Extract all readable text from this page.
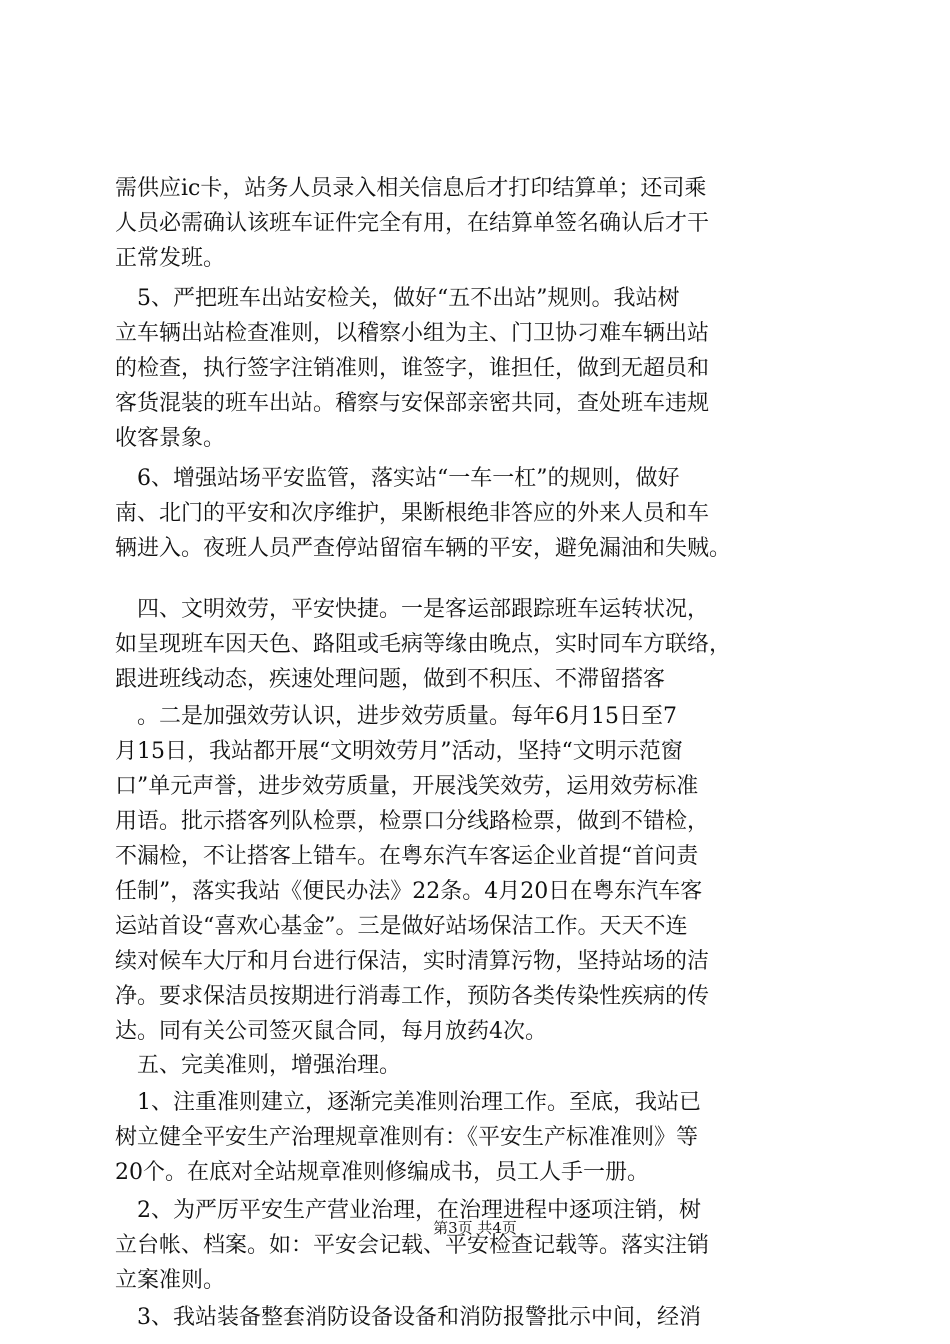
需供应ic卡，站务人员录入相关信息后才打印结算单；还司乘
人员必需确认该班车证件完全有用，在结算单签名确认后才干
正常发班。
　5、严把班车出站安检关，做好“五不出站”规则。我站树
立车辆出站检查准则，以稽察小组为主、门卫协刁难车辆出站
的检查，执行签字注销准则，谁签字，谁担任，做到无超员和
客货混装的班车出站。稽察与安保部亲密共同，查处班车违规
收客景象。
　6、增强站场平安监管，落实站“一车一杠”的规则，做好
南、北门的平安和次序维护，果断根绝非答应的外来人员和车
辆进入。夜班人员严查停站留宿车辆的平安，避免漏油和失贼。
　四、文明效劳，平安快捷。一是客运部跟踪班车运转状况，
如呈现班车因天色、路阻或毛病等缘由晚点，实时同车方联络，
跟进班线动态，疾速处理问题，做到不积压、不滞留搭客
　。二是加强效劳认识，进步效劳质量。每年6月15日至7
月15日，我站都开展“文明效劳月”活动，坚持“文明示范窗
口”单元声誉，进步效劳质量，开展浅笑效劳，运用效劳标准
用语。批示搭客列队检票，检票口分线路检票，做到不错检，
不漏检，不让搭客上错车。在粤东汽车客运企业首提“首问责
任制”，落实我站《便民办法》22条。4月20日在粤东汽车客
运站首设“喜欢心基金”。三是做好站场保洁工作。天天不连
续对候车大厅和月台进行保洁，实时清算污物，坚持站场的洁
净。要求保洁员按期进行消毒工作，预防各类传染性疾病的传
达。同有关公司签灭鼠合同，每月放药4次。
　五、完美准则，增强治理。
　1、注重准则建立，逐渐完美准则治理工作。至底，我站已
树立健全平安生产治理规章准则有：《平安生产标准准则》等
20个。在底对全站规章准则修编成书，员工人手一册。
　2、为严厉平安生产营业治理，在治理进程中逐项注销，树
立台帐、档案。如：平安会记载、平安检查记载等。落实注销
立案准则。
　3、我站装备整套消防设备设备和消防报警批示中间，经消
第3页 共4页
